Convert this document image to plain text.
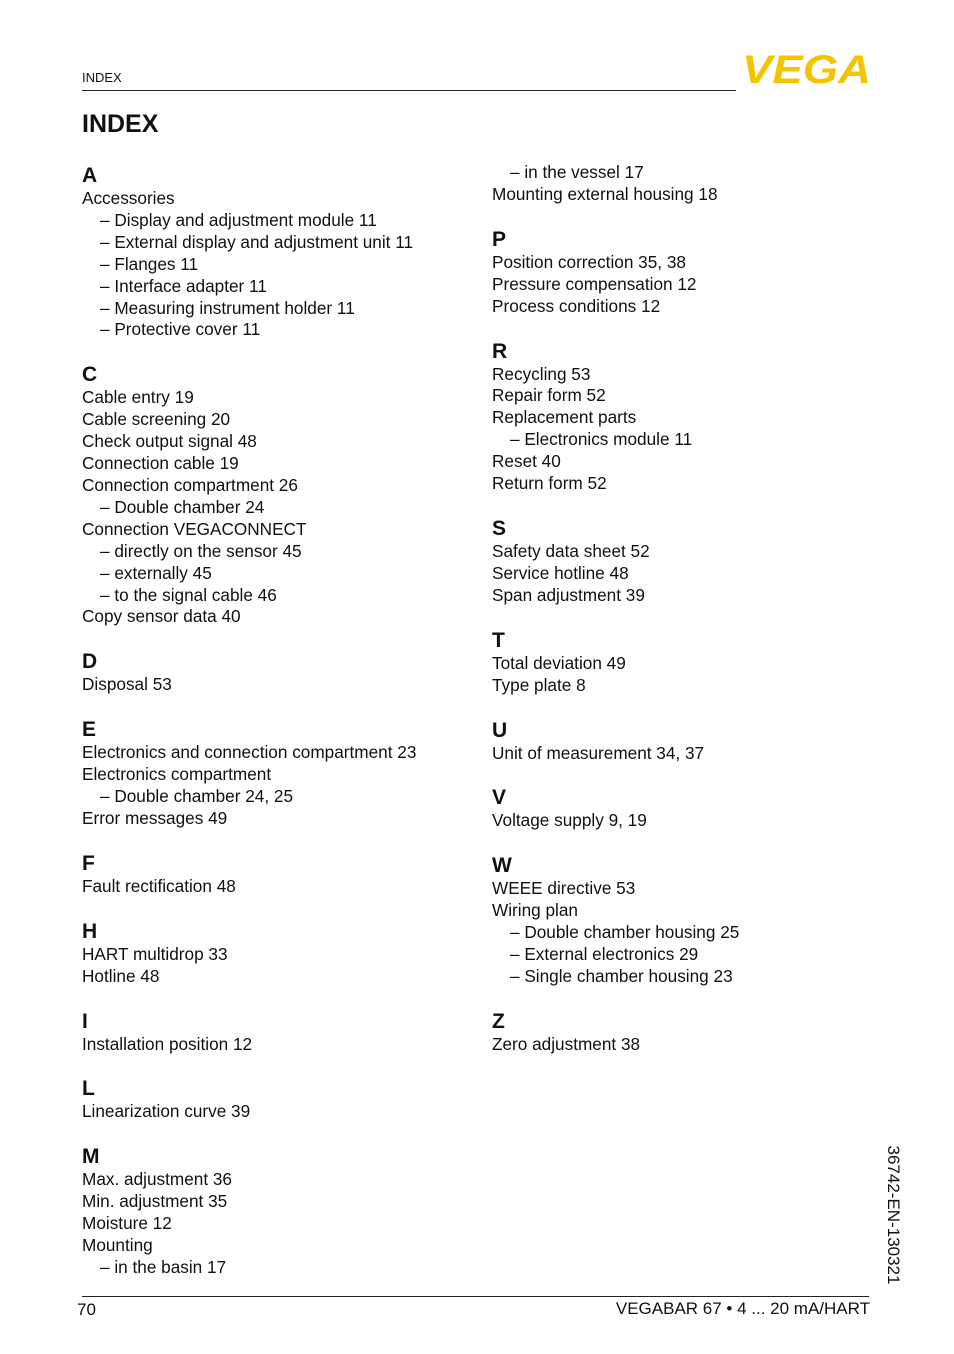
INDEX	VEGA
INDEX
A
Accessories
– Display and adjustment module 11
– External display and adjustment unit 11
– Flanges 11
– Interface adapter 11
– Measuring instrument holder 11
– Protective cover 11
C
Cable entry 19
Cable screening 20
Check output signal 48
Connection cable 19
Connection compartment 26
– Double chamber 24
Connection VEGACONNECT
– directly on the sensor 45
– externally 45
– to the signal cable 46
Copy sensor data 40
D
Disposal 53
E
Electronics and connection compartment 23
Electronics compartment
– Double chamber 24, 25
Error messages 49
F
Fault rectification 48
H
HART multidrop 33
Hotline 48
I
Installation position 12
L
Linearization curve 39
M
Max. adjustment 36
Min. adjustment 35
Moisture 12
Mounting
– in the basin 17
– in the vessel 17
Mounting external housing 18
P
Position correction 35, 38
Pressure compensation 12
Process conditions 12
R
Recycling 53
Repair form 52
Replacement parts
– Electronics module 11
Reset 40
Return form 52
S
Safety data sheet 52
Service hotline 48
Span adjustment 39
T
Total deviation 49
Type plate 8
U
Unit of measurement 34, 37
V
Voltage supply 9, 19
W
WEEE directive 53
Wiring plan
– Double chamber housing 25
– External electronics 29
– Single chamber housing 23
Z
Zero adjustment 38
70	VEGABAR 67 • 4 ... 20 mA/HART
36742-EN-130321
